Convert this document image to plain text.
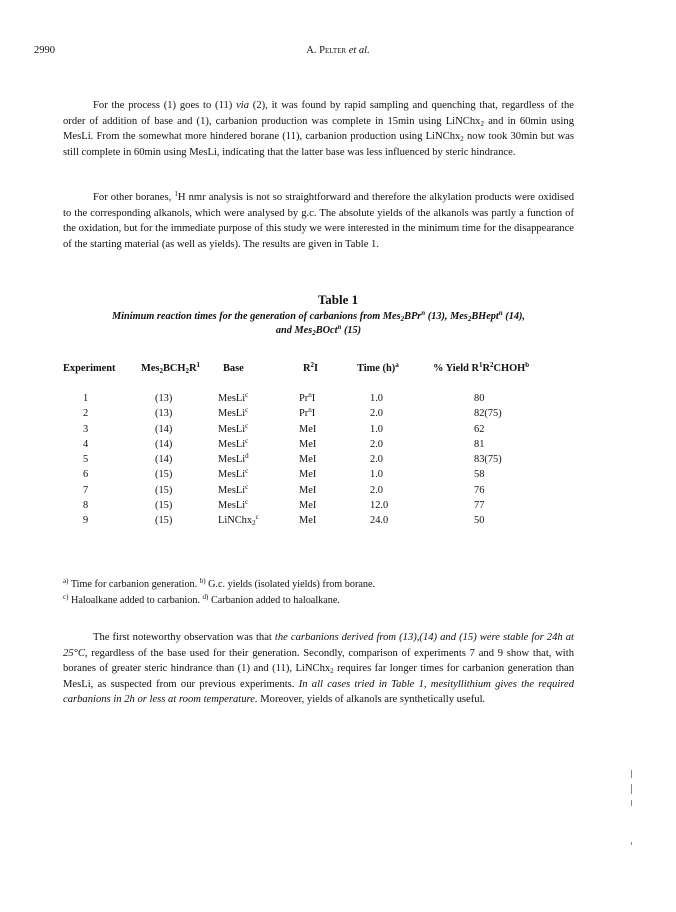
2990	A. Pelter et al.

For the process (1) goes to (11) via (2), it was found by rapid sampling and quenching that, regardless of the order of addition of base and (1), carbanion production was complete in 15min using LiNChx$_2$ and in 60min using MesLi. From the somewhat more hindered borane (11), carbanion production using LiNChx$_2$ now took 30min but was still complete in 60min using MesLi, indicating that the latter base was less influenced by steric hindrance.

For other boranes, $^1$H nmr analysis is not so straightforward and therefore the alkylation products were oxidised to the corresponding alkanols, which were analysed by g.c. The absolute yields of the alkanols was partly a function of the oxidation, but for the immediate purpose of this study we were interested in the minimum time for the disappearance of the starting material (as well as yields). The results are given in Table 1.

Table 1
Minimum reaction times for the generation of carbanions from Mes$_2$BPr$^n$ (13), Mes$_2$BHept$^n$ (14),
and Mes$_2$BOct$^n$ (15)
Experiment $Mes_2BCH_2R^1$ Base	$R^2I$	Time $(h)^a$	% Yield $R^1R^2CHOH^b$
1	(13)	MesLi$^c$	Pr$^n$I	1.0	80
2	(13)	MesLi$^c$	Pr$^n$I	2.0	82(75)
3	(14)	MesLi$^c$	MeI	1.0	62
4	(14)	MesLi$^c$	MeI	2.0	81
5	(14)	MesLi$^d$	MeI	2.0	83(75)
6	(15)	MesLi$^c$	MeI	1.0	58
7	(15)	MesLi$^c$	MeI	2.0	76
8	(15)	MesLi$^c$	MeI	12.0	77
9	(15)	LiNChx$_2^c$	MeI	24.0	50
$^{a)}$ Time for carbanion generation. $^{b)}$ G.c. yields (isolated yields) from borane.
$^{c)}$ Haloalkane added to carbanion. $^{d)}$ Carbanion added to haloalkane.

The first noteworthy observation was that the carbanions derived from (13),(14) and (15) were stable for 24h at 25°C, regardless of the base used for their generation. Secondly, comparison of experiments 7 and 9 show that, with boranes of greater steric hindrance than (1) and (11), LiNChx$_2$ requires far longer times for carbanion generation than MesLi, as suspected from our previous experiments. In all cases tried in Table 1, mesityllithium gives the required carbanions in 2h or less at room temperature. Moreover, yields of alkanols are synthetically useful.
